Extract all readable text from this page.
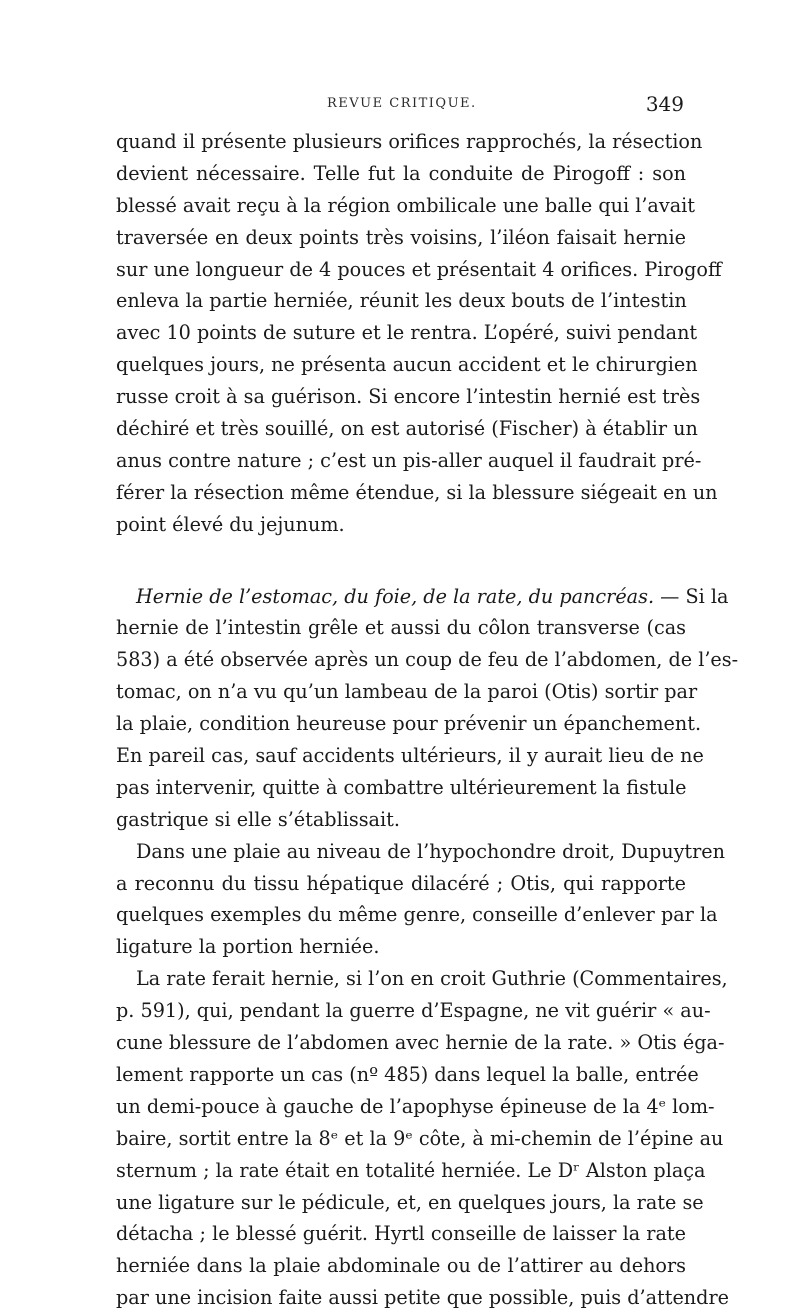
REVUE CRITIQUE.	349
quand il présente plusieurs orifices rapprochés, la résection
devient nécessaire. Telle fut la conduite de Pirogoff : son
blessé avait reçu à la région ombilicale une balle qui l’avait
traversée en deux points très voisins, l’iléon faisait hernie
sur une longueur de 4 pouces et présentait 4 orifices. Pirogoff
enleva la partie herniée, réunit les deux bouts de l’intestin
avec 10 points de suture et le rentra. L’opéré, suivi pendant
quelques jours, ne présenta aucun accident et le chirurgien
russe croit à sa guérison. Si encore l’intestin hernié est très
déchiré et très souillé, on est autorisé (Fischer) à établir un
anus contre nature ; c’est un pis-aller auquel il faudrait pré-
férer la résection même étendue, si la blessure siégeait en un
point élevé du jejunum.
Hernie de l’estomac, du foie, de la rate, du pancréas. — Si la
hernie de l’intestin grêle et aussi du côlon transverse (cas
583) a été observée après un coup de feu de l’abdomen, de l’es-
tomac, on n’a vu qu’un lambeau de la paroi (Otis) sortir par
la plaie, condition heureuse pour prévenir un épanchement.
En pareil cas, sauf accidents ultérieurs, il y aurait lieu de ne
pas intervenir, quitte à combattre ultérieurement la fistule
gastrique si elle s’établissait.
Dans une plaie au niveau de l’hypochondre droit, Dupuytren
a reconnu du tissu hépatique dilacéré ; Otis, qui rapporte
quelques exemples du même genre, conseille d’enlever par la
ligature la portion herniée.
La rate ferait hernie, si l’on en croit Guthrie (Commentaires,
p. 591), qui, pendant la guerre d’Espagne, ne vit guérir « au-
cune blessure de l’abdomen avec hernie de la rate. » Otis éga-
lement rapporte un cas (nº 485) dans lequel la balle, entrée
un demi-pouce à gauche de l’apophyse épineuse de la 4ᵉ lom-
baire, sortit entre la 8ᵉ et la 9ᵉ côte, à mi-chemin de l’épine au
sternum ; la rate était en totalité herniée. Le Dʳ Alston plaça
une ligature sur le pédicule, et, en quelques jours, la rate se
détacha ; le blessé guérit. Hyrtl conseille de laisser la rate
herniée dans la plaie abdominale ou de l’attirer au dehors
par une incision faite aussi petite que possible, puis d’attendre
